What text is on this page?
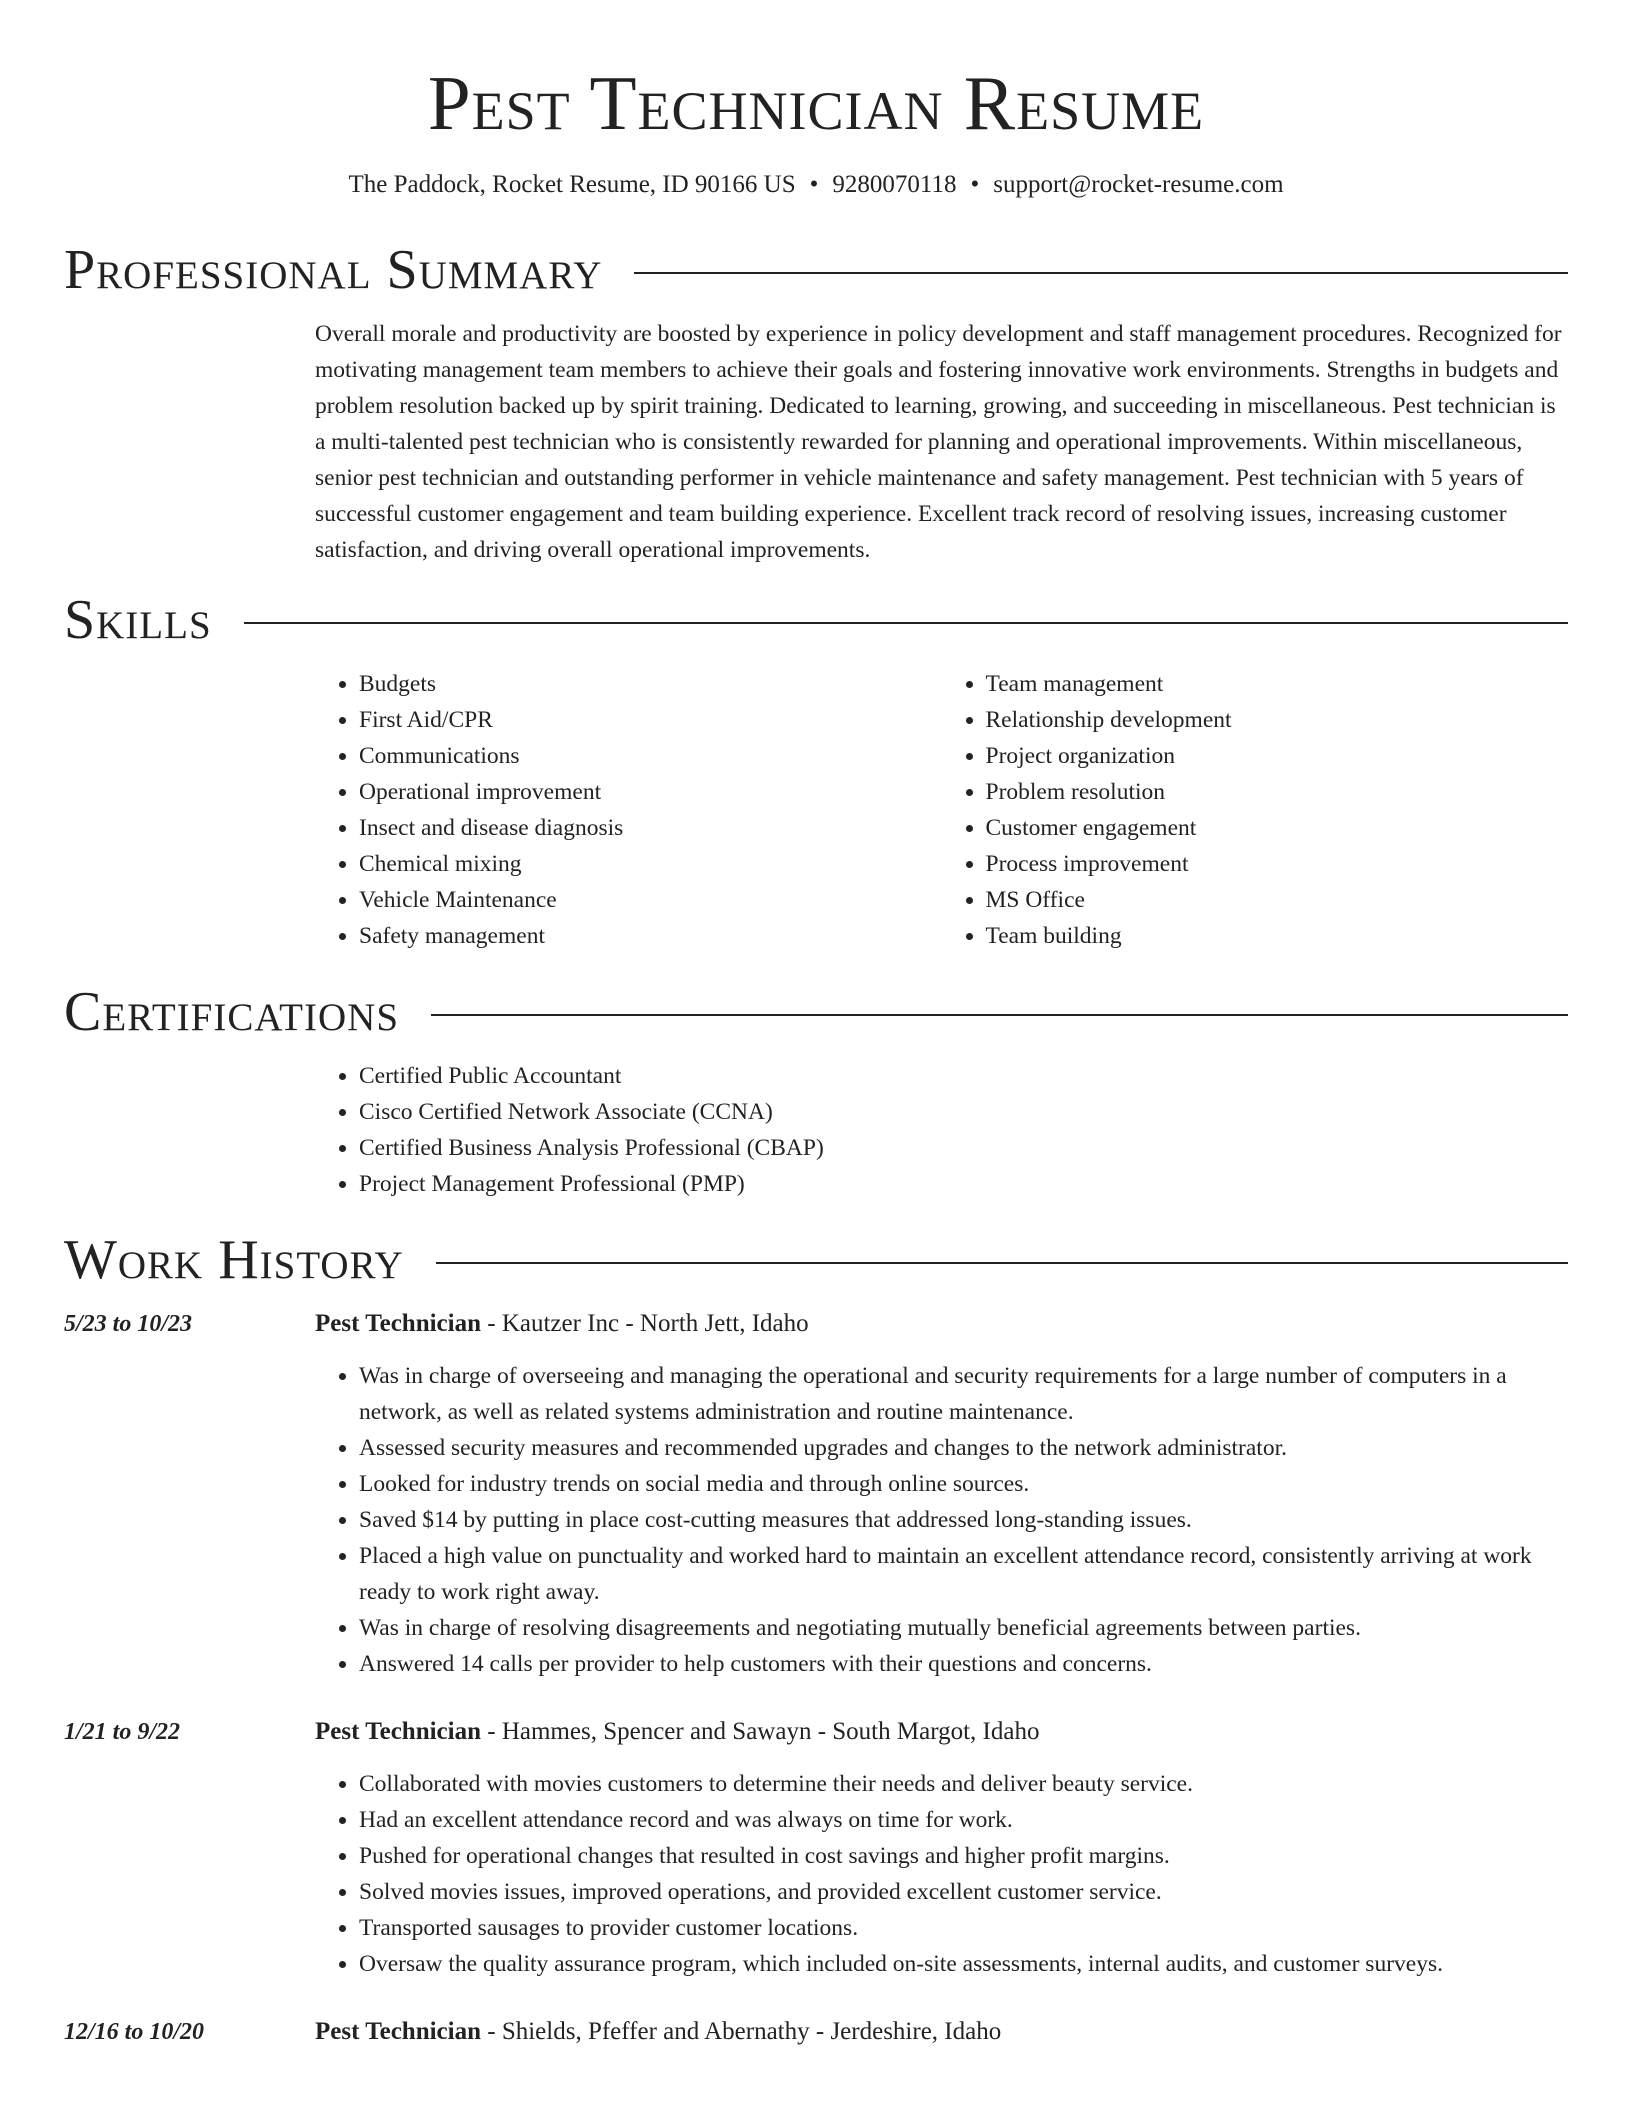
Pest Technician Resume
The Paddock, Rocket Resume, ID 90166 US • 9280070118 • support@rocket-resume.com
Professional Summary

Overall morale and productivity are boosted by experience in policy development and staff management procedures. Recognized for motivating management team members to achieve their goals and fostering innovative work environments. Strengths in budgets and problem resolution backed up by spirit training. Dedicated to learning, growing, and succeeding in miscellaneous. Pest technician is a multi-talented pest technician who is consistently rewarded for planning and operational improvements. Within miscellaneous, senior pest technician and outstanding performer in vehicle maintenance and safety management. Pest technician with 5 years of successful customer engagement and team building experience. Excellent track record of resolving issues, increasing customer satisfaction, and driving overall operational improvements.

Skills
• Budgets
• First Aid/CPR
• Communications
• Operational improvement
• Insect and disease diagnosis
• Chemical mixing
• Vehicle Maintenance
• Safety management
• Team management
• Relationship development
• Project organization
• Problem resolution
• Customer engagement
• Process improvement
• MS Office
• Team building
Certifications
• Certified Public Accountant
• Cisco Certified Network Associate (CCNA)
• Certified Business Analysis Professional (CBAP)
• Project Management Professional (PMP)
Work History
5/23 to 10/23	Pest Technician - Kautzer Inc - North Jett, Idaho
• Was in charge of overseeing and managing the operational and security requirements for a large number of computers in a network, as well as related systems administration and routine maintenance.
• Assessed security measures and recommended upgrades and changes to the network administrator.
• Looked for industry trends on social media and through online sources.
• Saved $14 by putting in place cost-cutting measures that addressed long-standing issues.
• Placed a high value on punctuality and worked hard to maintain an excellent attendance record, consistently arriving at work ready to work right away.
• Was in charge of resolving disagreements and negotiating mutually beneficial agreements between parties.
• Answered 14 calls per provider to help customers with their questions and concerns.
1/21 to 9/22	Pest Technician - Hammes, Spencer and Sawayn - South Margot, Idaho
• Collaborated with movies customers to determine their needs and deliver beauty service.
• Had an excellent attendance record and was always on time for work.
• Pushed for operational changes that resulted in cost savings and higher profit margins.
• Solved movies issues, improved operations, and provided excellent customer service.
• Transported sausages to provider customer locations.
• Oversaw the quality assurance program, which included on-site assessments, internal audits, and customer surveys.
12/16 to 10/20	Pest Technician - Shields, Pfeffer and Abernathy - Jerdeshire, Idaho
